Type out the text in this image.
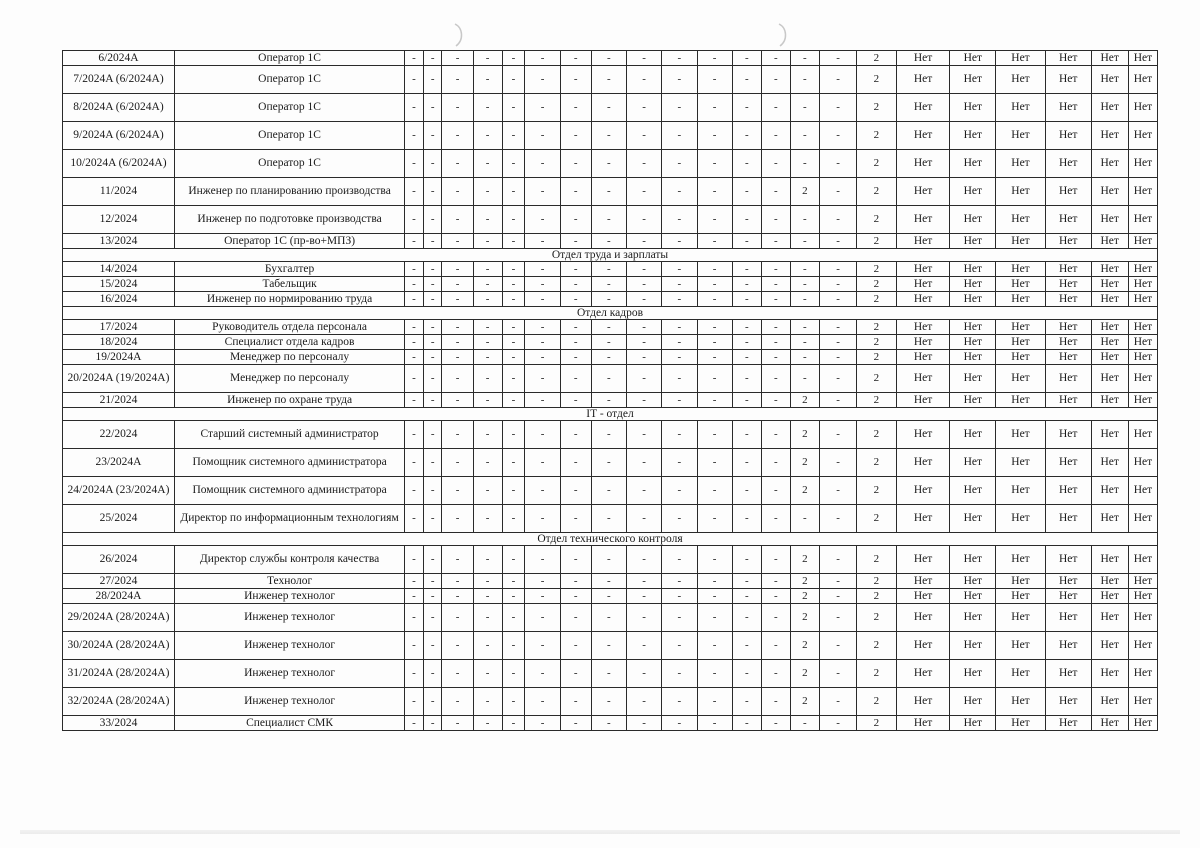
6/2024A	Оператор 1С	-	-	-	-	-	-	-	-	-	-	-	-	-	-	-	2	Нет	Нет	Нет	Нет	Нет	Нет
7/2024A (6/2024A)	Оператор 1С	-	-	-	-	-	-	-	-	-	-	-	-	-	-	-	2	Нет	Нет	Нет	Нет	Нет	Нет
8/2024A (6/2024A)	Оператор 1С	-	-	-	-	-	-	-	-	-	-	-	-	-	-	-	2	Нет	Нет	Нет	Нет	Нет	Нет
9/2024A (6/2024A)	Оператор 1С	-	-	-	-	-	-	-	-	-	-	-	-	-	-	-	2	Нет	Нет	Нет	Нет	Нет	Нет
10/2024A (6/2024A)	Оператор 1С	-	-	-	-	-	-	-	-	-	-	-	-	-	-	-	2	Нет	Нет	Нет	Нет	Нет	Нет
11/2024	Инженер по планированию производства	-	-	-	-	-	-	-	-	-	-	-	-	-	2	-	2	Нет	Нет	Нет	Нет	Нет	Нет
12/2024	Инженер по подготовке производства	-	-	-	-	-	-	-	-	-	-	-	-	-	-	-	2	Нет	Нет	Нет	Нет	Нет	Нет
13/2024	Оператор 1С (пр-во+МПЗ)	-	-	-	-	-	-	-	-	-	-	-	-	-	-	-	2	Нет	Нет	Нет	Нет	Нет	Нет
Отдел труда и зарплаты																							
14/2024	Бухгалтер	-	-	-	-	-	-	-	-	-	-	-	-	-	-	-	2	Нет	Нет	Нет	Нет	Нет	Нет
15/2024	Табельщик	-	-	-	-	-	-	-	-	-	-	-	-	-	-	-	2	Нет	Нет	Нет	Нет	Нет	Нет
16/2024	Инженер по нормированию труда	-	-	-	-	-	-	-	-	-	-	-	-	-	-	-	2	Нет	Нет	Нет	Нет	Нет	Нет
Отдел кадров																							
17/2024	Руководитель отдела персонала	-	-	-	-	-	-	-	-	-	-	-	-	-	-	-	2	Нет	Нет	Нет	Нет	Нет	Нет
18/2024	Специалист отдела кадров	-	-	-	-	-	-	-	-	-	-	-	-	-	-	-	2	Нет	Нет	Нет	Нет	Нет	Нет
19/2024A	Менеджер по персоналу	-	-	-	-	-	-	-	-	-	-	-	-	-	-	-	2	Нет	Нет	Нет	Нет	Нет	Нет
20/2024A (19/2024A)	Менеджер по персоналу	-	-	-	-	-	-	-	-	-	-	-	-	-	-	-	2	Нет	Нет	Нет	Нет	Нет	Нет
21/2024	Инженер по охране труда	-	-	-	-	-	-	-	-	-	-	-	-	-	2	-	2	Нет	Нет	Нет	Нет	Нет	Нет
IT - отдел																							
22/2024	Старший системный администратор	-	-	-	-	-	-	-	-	-	-	-	-	-	2	-	2	Нет	Нет	Нет	Нет	Нет	Нет
23/2024A	Помощник системного администратора	-	-	-	-	-	-	-	-	-	-	-	-	-	2	-	2	Нет	Нет	Нет	Нет	Нет	Нет
24/2024A (23/2024A)	Помощник системного администратора	-	-	-	-	-	-	-	-	-	-	-	-	-	2	-	2	Нет	Нет	Нет	Нет	Нет	Нет
25/2024	Директор по информационным технологиям	-	-	-	-	-	-	-	-	-	-	-	-	-	-	-	2	Нет	Нет	Нет	Нет	Нет	Нет
Отдел технического контроля																							
26/2024	Директор службы контроля качества	-	-	-	-	-	-	-	-	-	-	-	-	-	2	-	2	Нет	Нет	Нет	Нет	Нет	Нет
27/2024	Технолог	-	-	-	-	-	-	-	-	-	-	-	-	-	2	-	2	Нет	Нет	Нет	Нет	Нет	Нет
28/2024A	Инженер технолог	-	-	-	-	-	-	-	-	-	-	-	-	-	2	-	2	Нет	Нет	Нет	Нет	Нет	Нет
29/2024A (28/2024A)	Инженер технолог	-	-	-	-	-	-	-	-	-	-	-	-	-	2	-	2	Нет	Нет	Нет	Нет	Нет	Нет
30/2024A (28/2024A)	Инженер технолог	-	-	-	-	-	-	-	-	-	-	-	-	-	2	-	2	Нет	Нет	Нет	Нет	Нет	Нет
31/2024A (28/2024A)	Инженер технолог	-	-	-	-	-	-	-	-	-	-	-	-	-	2	-	2	Нет	Нет	Нет	Нет	Нет	Нет
32/2024A (28/2024A)	Инженер технолог	-	-	-	-	-	-	-	-	-	-	-	-	-	2	-	2	Нет	Нет	Нет	Нет	Нет	Нет
33/2024	Специалист СМК	-	-	-	-	-	-	-	-	-	-	-	-	-	-	-	2	Нет	Нет	Нет	Нет	Нет	Нет
